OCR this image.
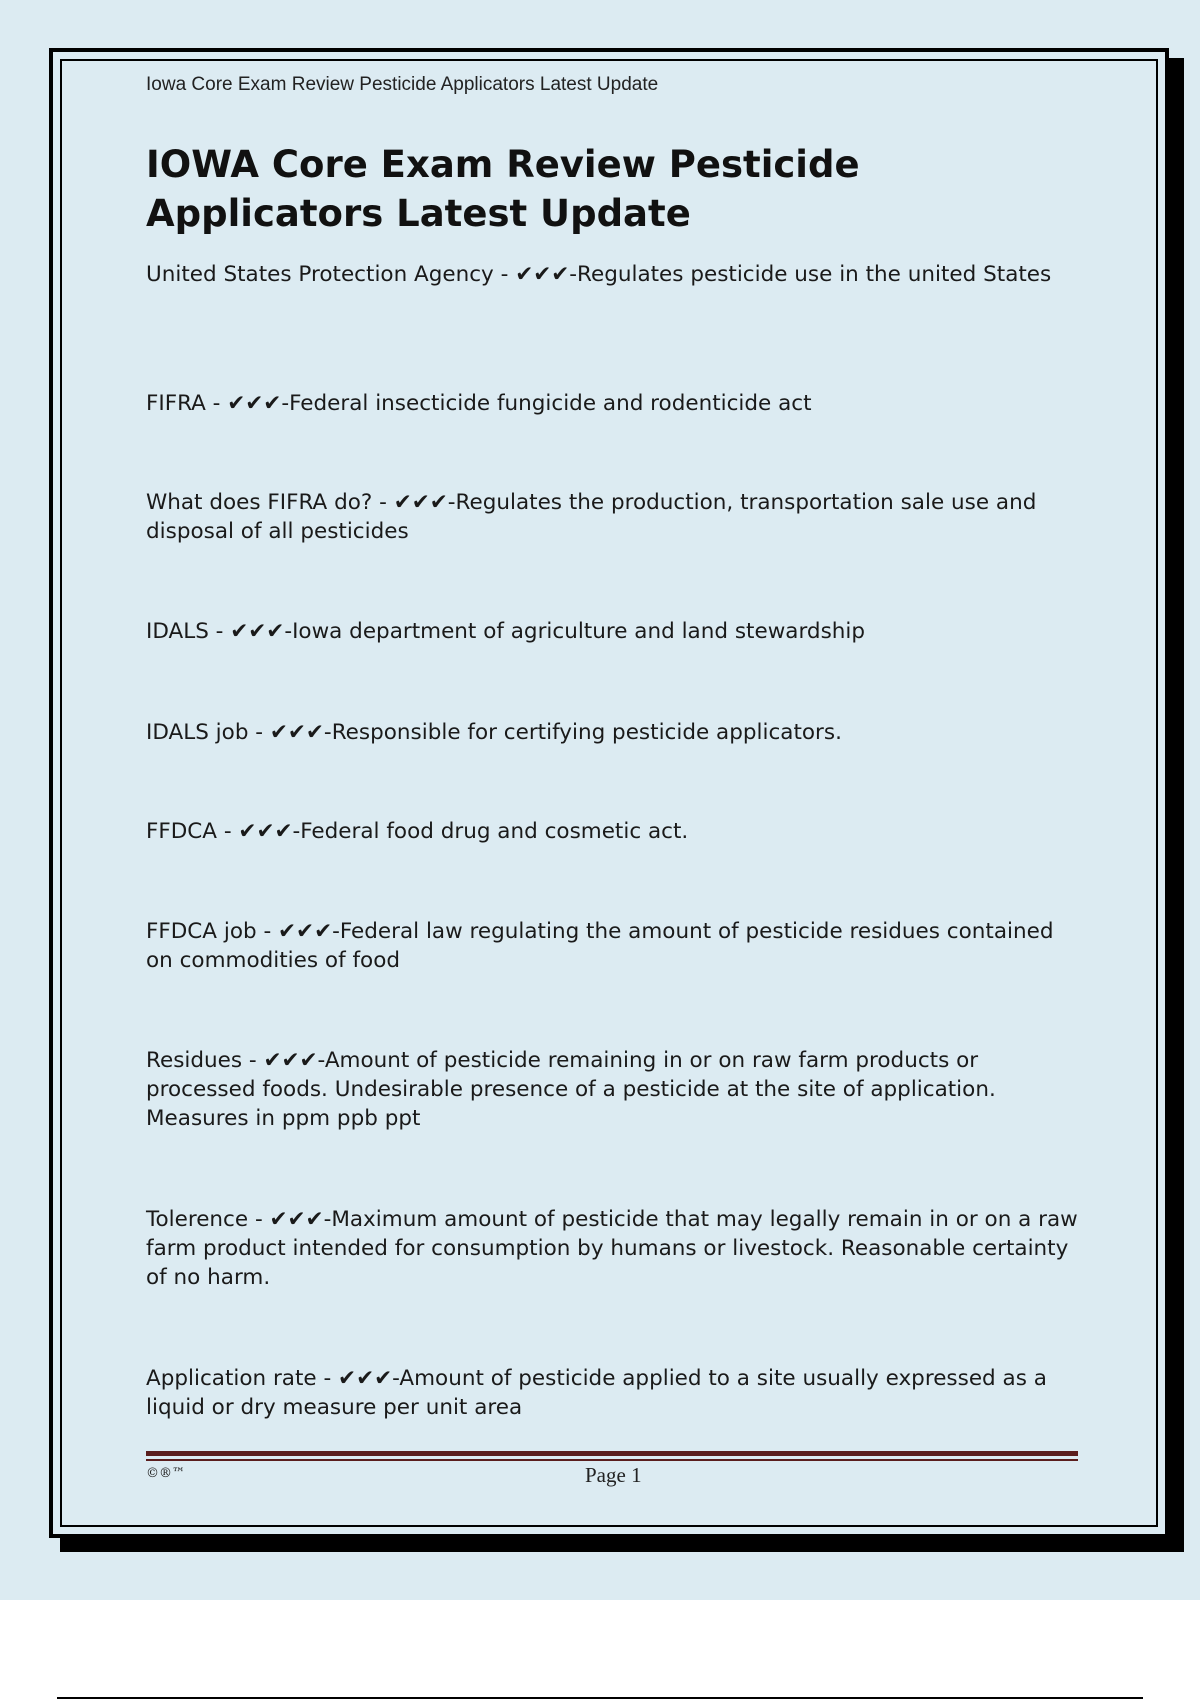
Iowa Core Exam Review Pesticide Applicators Latest Update
IOWA Core Exam Review Pesticide Applicators Latest Update

United States Protection Agency - ✔✔✔-Regulates pesticide use in the united States

FIFRA - ✔✔✔-Federal insecticide fungicide and rodenticide act

What does FIFRA do? - ✔✔✔-Regulates the production, transportation sale use and disposal of all pesticides

IDALS - ✔✔✔-Iowa department of agriculture and land stewardship

IDALS job - ✔✔✔-Responsible for certifying pesticide applicators.

FFDCA - ✔✔✔-Federal food drug and cosmetic act.

FFDCA job - ✔✔✔-Federal law regulating the amount of pesticide residues contained on commodities of food

Residues - ✔✔✔-Amount of pesticide remaining in or on raw farm products or processed foods. Undesirable presence of a pesticide at the site of application. Measures in ppm ppb ppt

Tolerence - ✔✔✔-Maximum amount of pesticide that may legally remain in or on a raw farm product intended for consumption by humans or livestock. Reasonable certainty of no harm.

Application rate - ✔✔✔-Amount of pesticide applied to a site usually expressed as a liquid or dry measure per unit area

©®™	Page 1
